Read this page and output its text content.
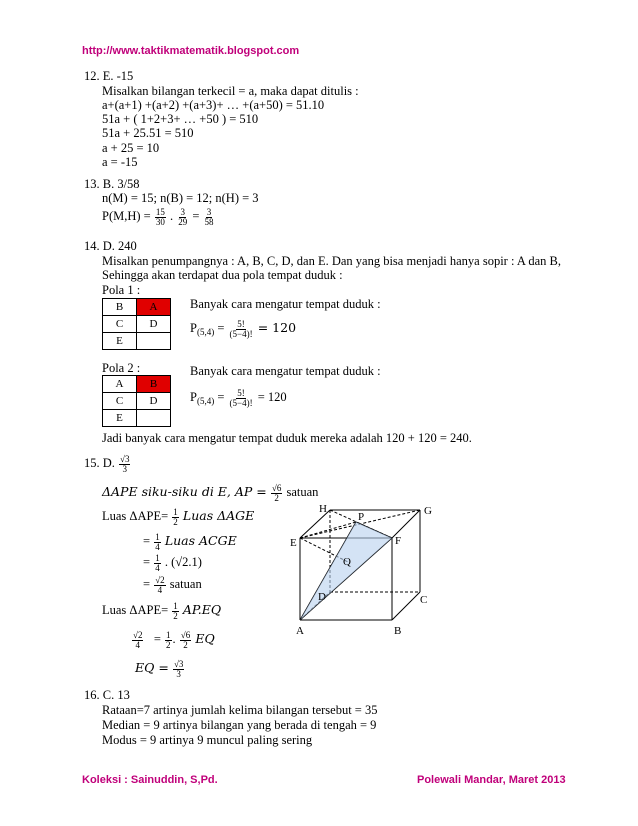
http://www.taktikmatematik.blogspot.com
12. E. -15
Misalkan bilangan terkecil = a, maka dapat ditulis :
a+(a+1) +(a+2) +(a+3)+ … +(a+50) = 51.10
51a + ( 1+2+3+ … +50 ) = 510
51a + 25.51 = 510
a + 25 = 10
a = -15
13. B. 3/58
n(M) = 15; n(B) = 12; n(H) = 3
$P(M,H) = \frac{15}{30}$ . $\frac{3}{29} = \frac{3}{58}$
14. D. 240
Misalkan penumpangnya : A, B, C, D, dan E. Dan yang bisa menjadi hanya sopir : A dan B,
Sehingga akan terdapat dua pola tempat duduk :
Pola 1 :
B	A
C	D
E	
Banyak cara mengatur tempat duduk :
$P_{(5,4)} = \frac{5!}{(5-4)!} = 120$
Pola 2 :
A	B
C	D
E	
Banyak cara mengatur tempat duduk :
$P_{(5,4)} = \frac{5!}{(5-4)!} = 120$
Jadi banyak cara mengatur tempat duduk mereka adalah 120 + 120 = 240.
15. D. $\frac{√3}{3}$
ΔAPE siku-siku di E, AP = $\frac{√6}{2}$ satuan
Luas $\Delta APE= \frac{1}{2}$ Luas ΔAGE
= $\frac{1}{4}$ Luas ACGE
= $\frac{1}{4}$ . (√2.1)
= $\frac{√2}{4}$ satuan
Luas $\Delta APE= \frac{1}{2} AP.EQ$
$\frac{√2}{4} = \frac{1}{2}$ . $\frac{√6}{2}$ EQ
EQ = $\frac{√3}{3}$
H
P	G
E	F
Q
D	C
A	B
16. C. 13
Rataan=7 artinya jumlah kelima bilangan tersebut = 35
Median = 9 artinya bilangan yang berada di tengah = 9
Modus = 9 artinya 9 muncul paling sering
Koleksi : Sainuddin, S,Pd.	Polewali Mandar, Maret 2013
